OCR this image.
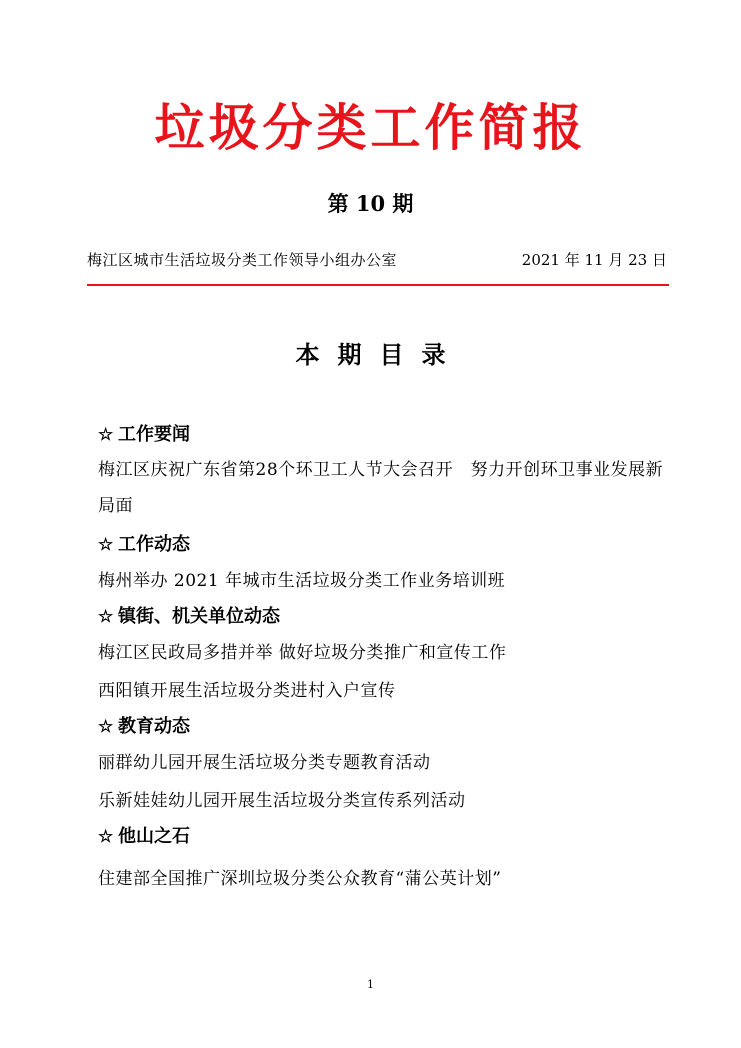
垃圾分类工作简报
第 10 期
梅江区城市生活垃圾分类工作领导小组办公室	2021 年 11 月 23 日
本期目录
☆ 工作要闻
梅江区庆祝广东省第28个环卫工人节大会召开　努力开创环卫事业发展新局面
☆ 工作动态
梅州举办 2021 年城市生活垃圾分类工作业务培训班
☆ 镇街、机关单位动态
梅江区民政局多措并举 做好垃圾分类推广和宣传工作
西阳镇开展生活垃圾分类进村入户宣传
☆ 教育动态
丽群幼儿园开展生活垃圾分类专题教育活动
乐新娃娃幼儿园开展生活垃圾分类宣传系列活动
☆ 他山之石
住建部全国推广深圳垃圾分类公众教育“蒲公英计划”
1
